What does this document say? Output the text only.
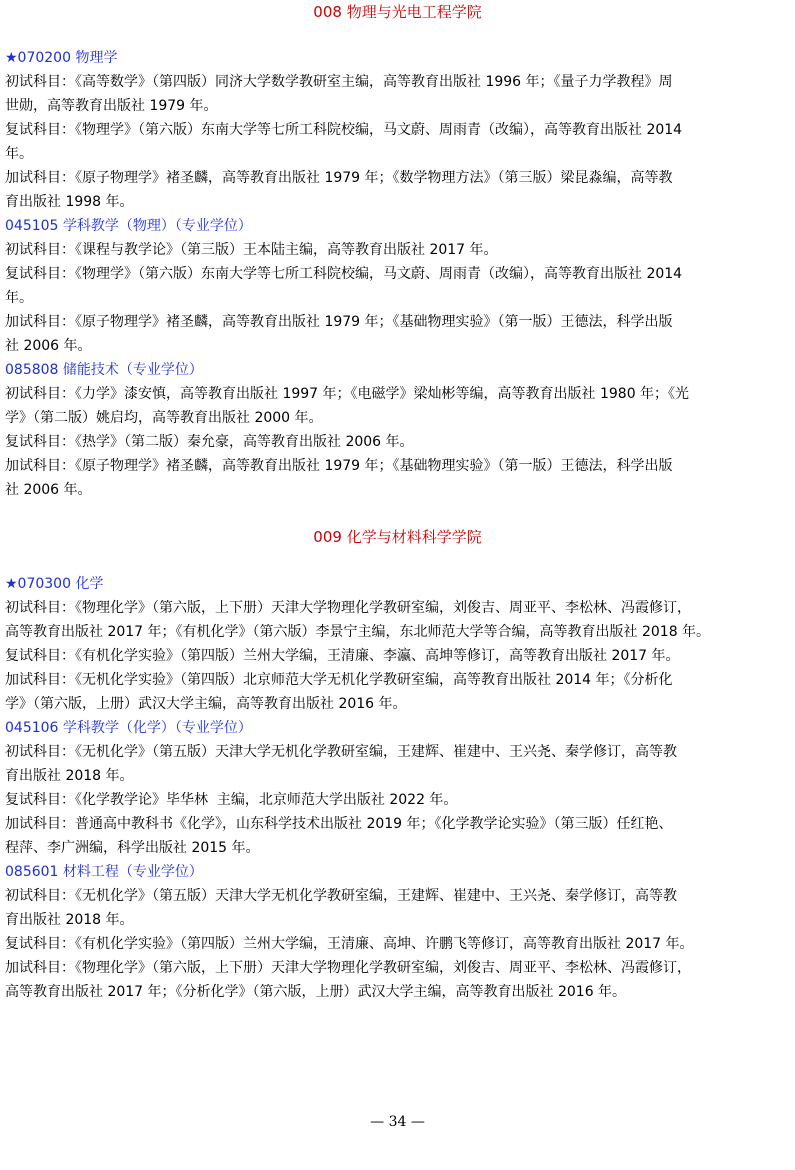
008 物理与光电工程学院
★070200 物理学
初试科目：《高等数学》（第四版）同济大学数学教研室主编，高等教育出版社 1996 年；《量子力学教程》周
世勋，高等教育出版社 1979 年。
复试科目：《物理学》（第六版）东南大学等七所工科院校编，马文蔚、周雨青（改编），高等教育出版社 2014
年。
加试科目：《原子物理学》褚圣麟，高等教育出版社 1979 年；《数学物理方法》（第三版）梁昆淼编，高等教
育出版社 1998 年。
045105 学科教学（物理）（专业学位）
初试科目：《课程与教学论》（第三版）王本陆主编，高等教育出版社 2017 年。
复试科目：《物理学》（第六版）东南大学等七所工科院校编，马文蔚、周雨青（改编），高等教育出版社 2014
年。
加试科目：《原子物理学》褚圣麟，高等教育出版社 1979 年；《基础物理实验》（第一版）王德法，科学出版
社 2006 年。
085808 储能技术（专业学位）
初试科目：《力学》漆安慎，高等教育出版社 1997 年；《电磁学》梁灿彬等编，高等教育出版社 1980 年；《光
学》（第二版）姚启均，高等教育出版社 2000 年。
复试科目：《热学》（第二版）秦允豪，高等教育出版社 2006 年。
加试科目：《原子物理学》褚圣麟，高等教育出版社 1979 年；《基础物理实验》（第一版）王德法，科学出版
社 2006 年。
009 化学与材料科学学院
★070300 化学
初试科目：《物理化学》（第六版，上下册）天津大学物理化学教研室编，刘俊吉、周亚平、李松林、冯霞修订，
高等教育出版社 2017 年；《有机化学》（第六版）李景宁主编，东北师范大学等合编，高等教育出版社 2018 年。
复试科目：《有机化学实验》（第四版）兰州大学编，王清廉、李瀛、高坤等修订，高等教育出版社 2017 年。
加试科目：《无机化学实验》（第四版）北京师范大学无机化学教研室编，高等教育出版社 2014 年；《分析化
学》（第六版，上册）武汉大学主编，高等教育出版社 2016 年。
045106 学科教学（化学）（专业学位）
初试科目：《无机化学》（第五版）天津大学无机化学教研室编，王建辉、崔建中、王兴尧、秦学修订，高等教
育出版社 2018 年。
复试科目：《化学教学论》毕华林  主编，北京师范大学出版社 2022 年。
加试科目：普通高中教科书《化学》，山东科学技术出版社 2019 年；《化学教学论实验》（第三版）任红艳、
程萍、李广洲编，科学出版社 2015 年。
085601 材料工程（专业学位）
初试科目：《无机化学》（第五版）天津大学无机化学教研室编，王建辉、崔建中、王兴尧、秦学修订，高等教
育出版社 2018 年。
复试科目：《有机化学实验》（第四版）兰州大学编，王清廉、高坤、许鹏飞等修订，高等教育出版社 2017 年。
加试科目：《物理化学》（第六版，上下册）天津大学物理化学教研室编，刘俊吉、周亚平、李松林、冯霞修订，
高等教育出版社 2017 年；《分析化学》（第六版，上册）武汉大学主编，高等教育出版社 2016 年。
— 34 —
